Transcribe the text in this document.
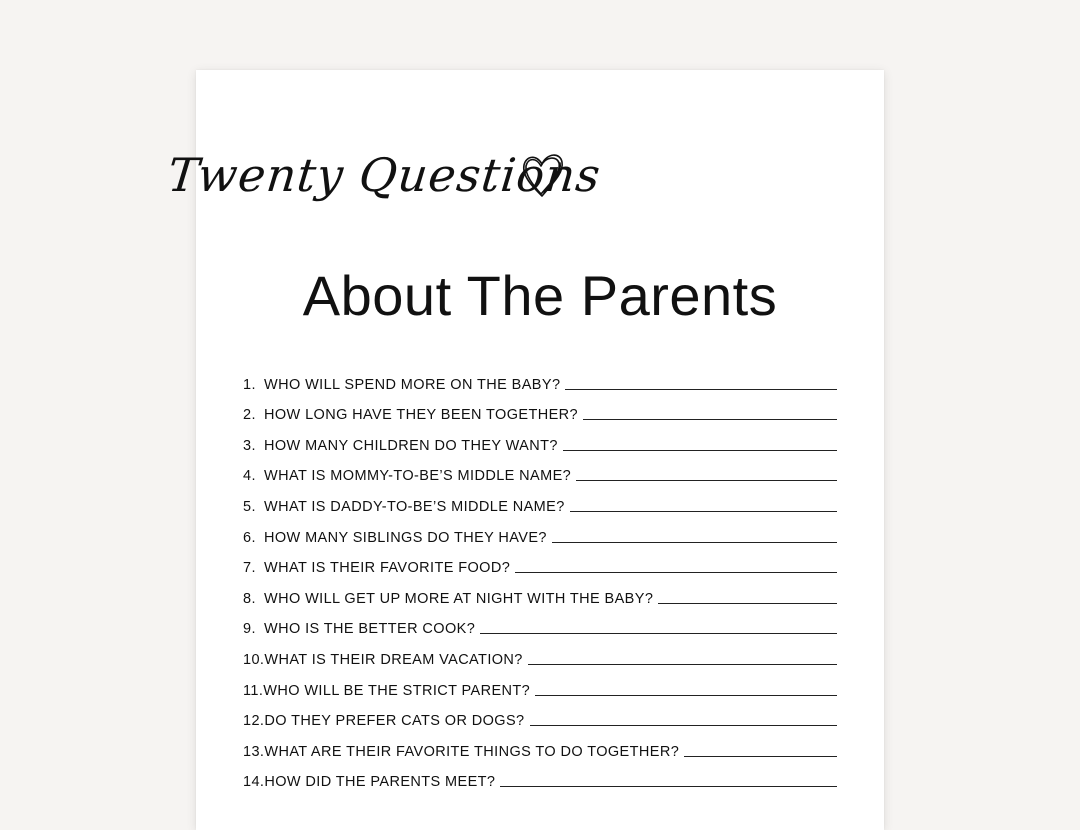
Twenty Questions
About The Parents
1. WHO WILL SPEND MORE ON THE BABY?
2. HOW LONG HAVE THEY BEEN TOGETHER?
3. HOW MANY CHILDREN DO THEY WANT?
4. WHAT IS MOMMY-TO-BE’S MIDDLE NAME?
5. WHAT IS DADDY-TO-BE’S MIDDLE NAME?
6. HOW MANY SIBLINGS DO THEY HAVE?
7. WHAT IS THEIR FAVORITE FOOD?
8. WHO WILL GET UP MORE AT NIGHT WITH THE BABY?
9. WHO IS THE BETTER COOK?
10. WHAT IS THEIR DREAM VACATION?
11. WHO WILL BE THE STRICT PARENT?
12. DO THEY PREFER CATS OR DOGS?
13. WHAT ARE THEIR FAVORITE THINGS TO DO TOGETHER?
14. HOW DID THE PARENTS MEET?
